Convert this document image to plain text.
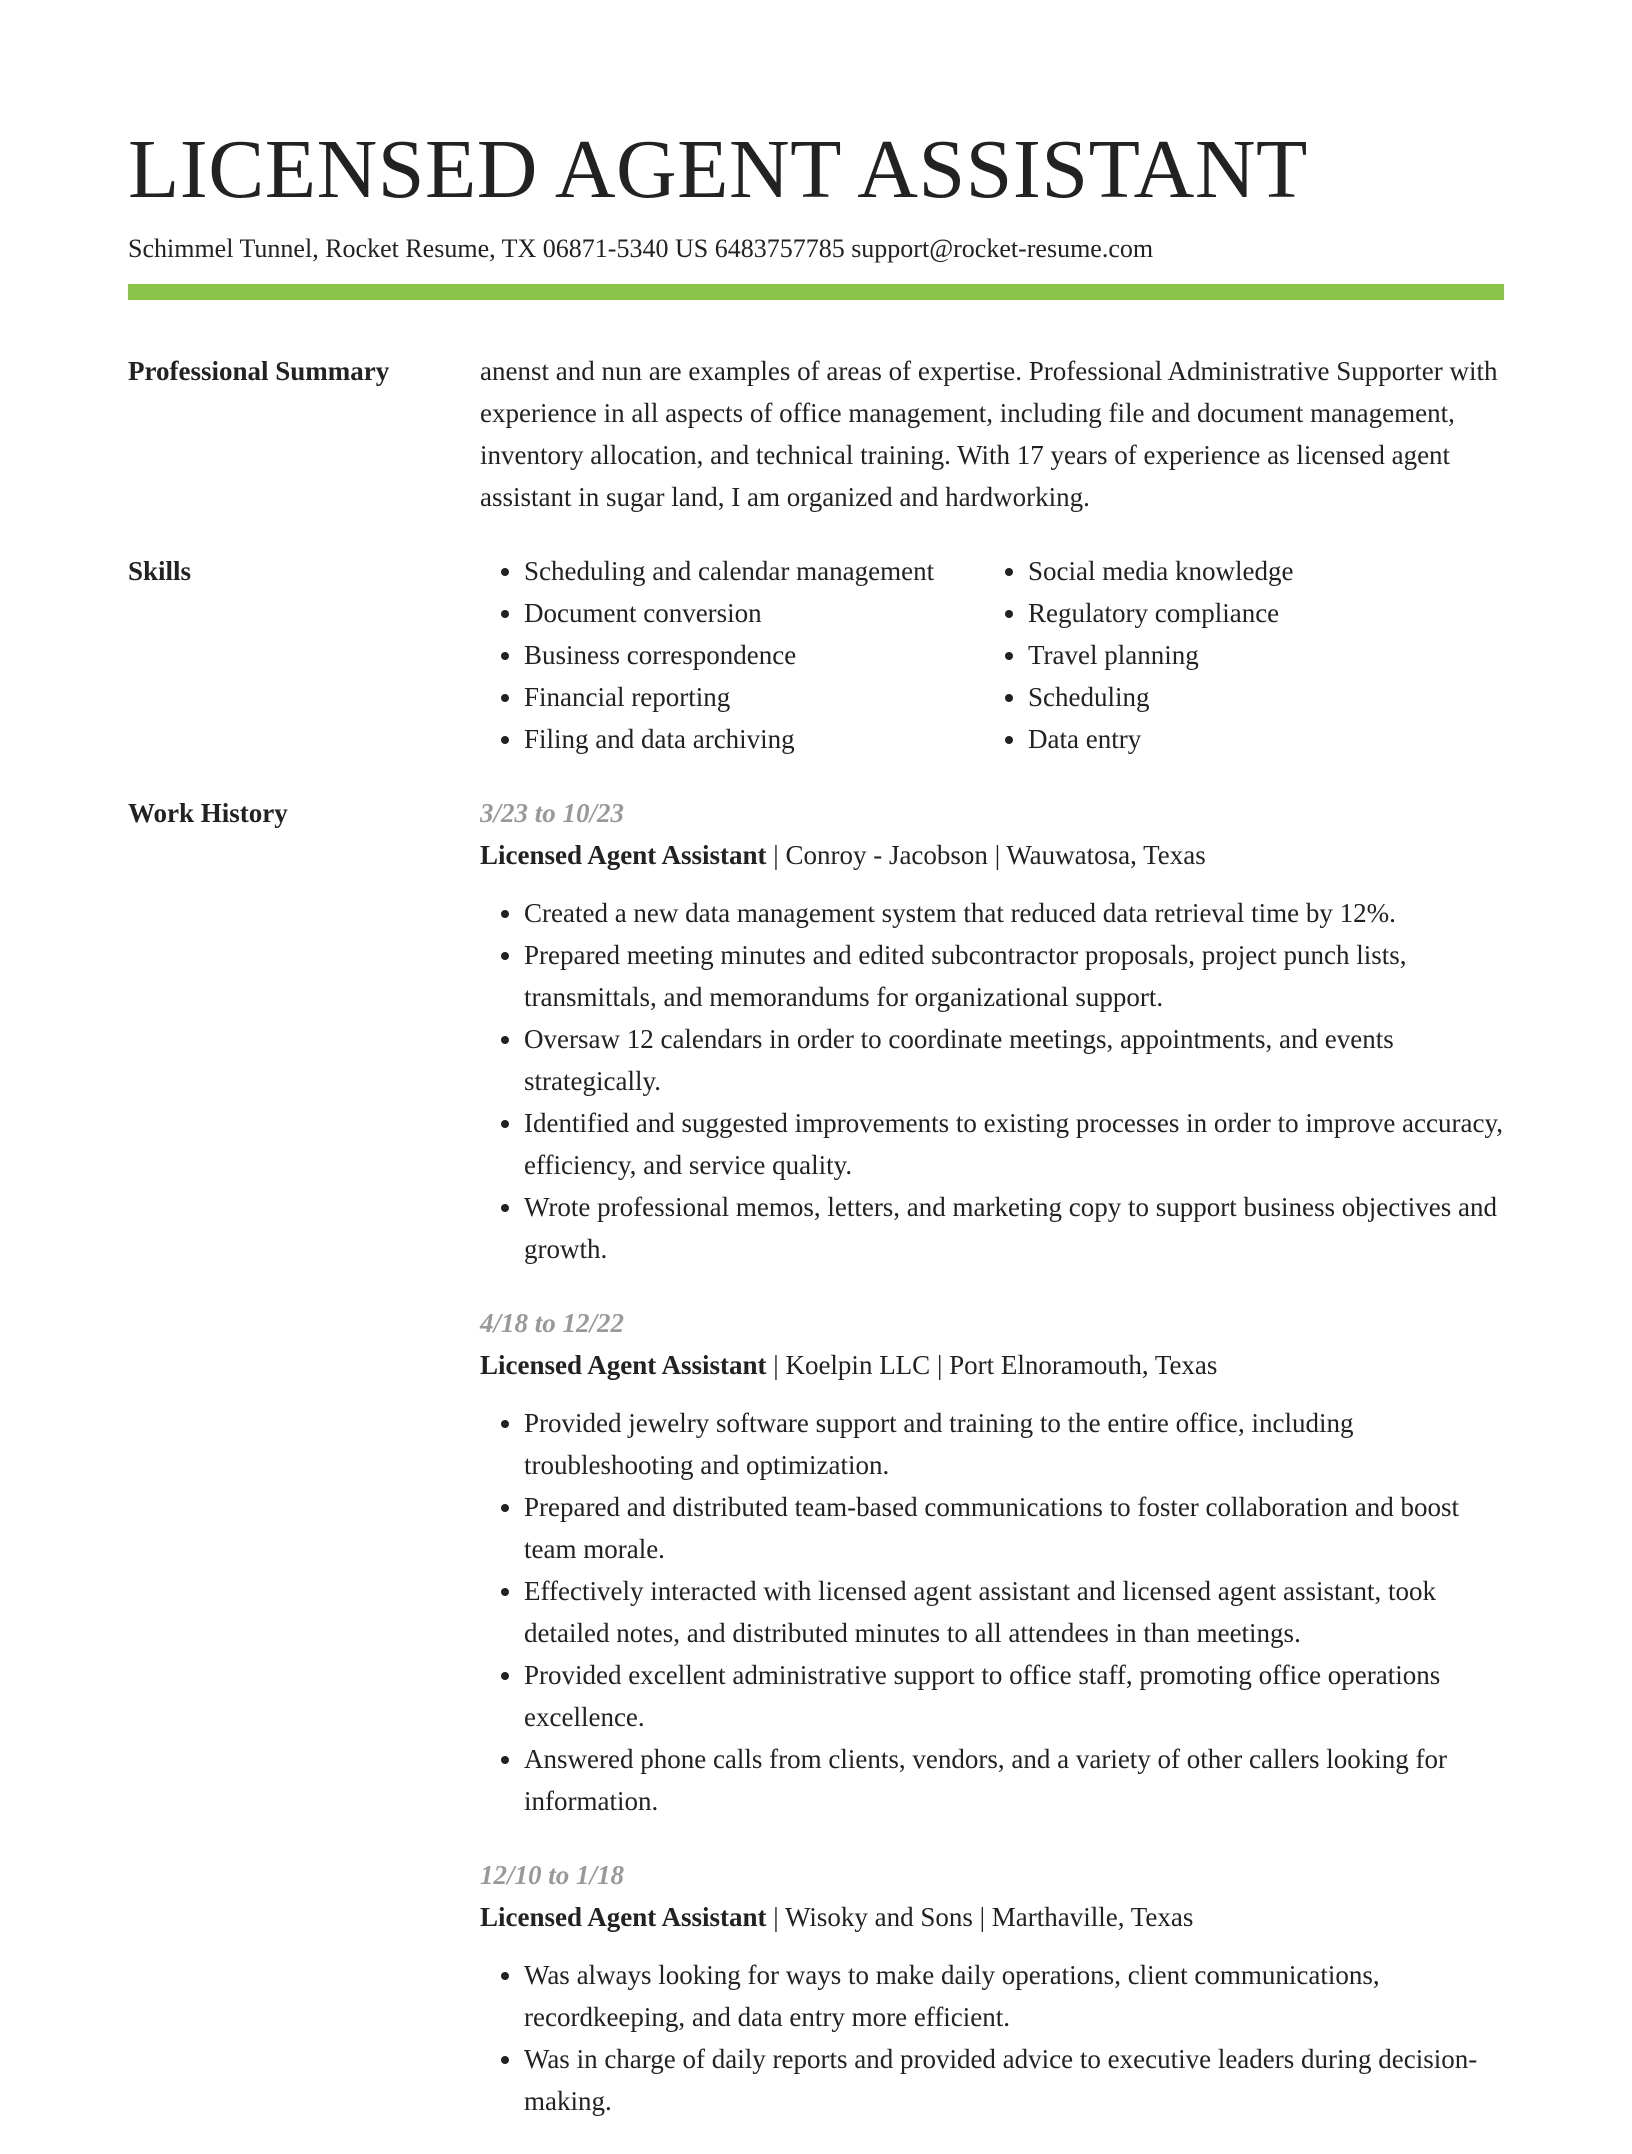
LICENSED AGENT ASSISTANT
Schimmel Tunnel, Rocket Resume, TX 06871-5340 US 6483757785 support@rocket-resume.com
Professional Summary	anenst and nun are examples of areas of expertise. Professional Administrative Supporter with experience in all aspects of office management, including file and document management, inventory allocation, and technical training. With 17 years of experience as licensed agent assistant in sugar land, I am organized and hardworking.

Skills
•	Scheduling and calendar management
• Document conversion
• Business correspondence
• Financial reporting
• Filing and data archiving
• Social media knowledge
• Regulatory compliance
• Travel planning
• Scheduling
• Data entry
Work History	3/23 to 10/23
Licensed Agent Assistant | Conroy - Jacobson | Wauwatosa, Texas
• Created a new data management system that reduced data retrieval time by 12%.
• Prepared meeting minutes and edited subcontractor proposals, project punch lists, transmittals, and memorandums for organizational support.
• Oversaw 12 calendars in order to coordinate meetings, appointments, and events strategically.
• Identified and suggested improvements to existing processes in order to improve accuracy, efficiency, and service quality.
• Wrote professional memos, letters, and marketing copy to support business objectives and growth.
4/18 to 12/22
Licensed Agent Assistant | Koelpin LLC | Port Elnoramouth, Texas
• Provided jewelry software support and training to the entire office, including troubleshooting and optimization.
• Prepared and distributed team-based communications to foster collaboration and boost team morale.
• Effectively interacted with licensed agent assistant and licensed agent assistant, took detailed notes, and distributed minutes to all attendees in than meetings.
• Provided excellent administrative support to office staff, promoting office operations excellence.
• Answered phone calls from clients, vendors, and a variety of other callers looking for information.
12/10 to 1/18
Licensed Agent Assistant | Wisoky and Sons | Marthaville, Texas
• Was always looking for ways to make daily operations, client communications, recordkeeping, and data entry more efficient.
• Was in charge of daily reports and provided advice to executive leaders during decision-making.
